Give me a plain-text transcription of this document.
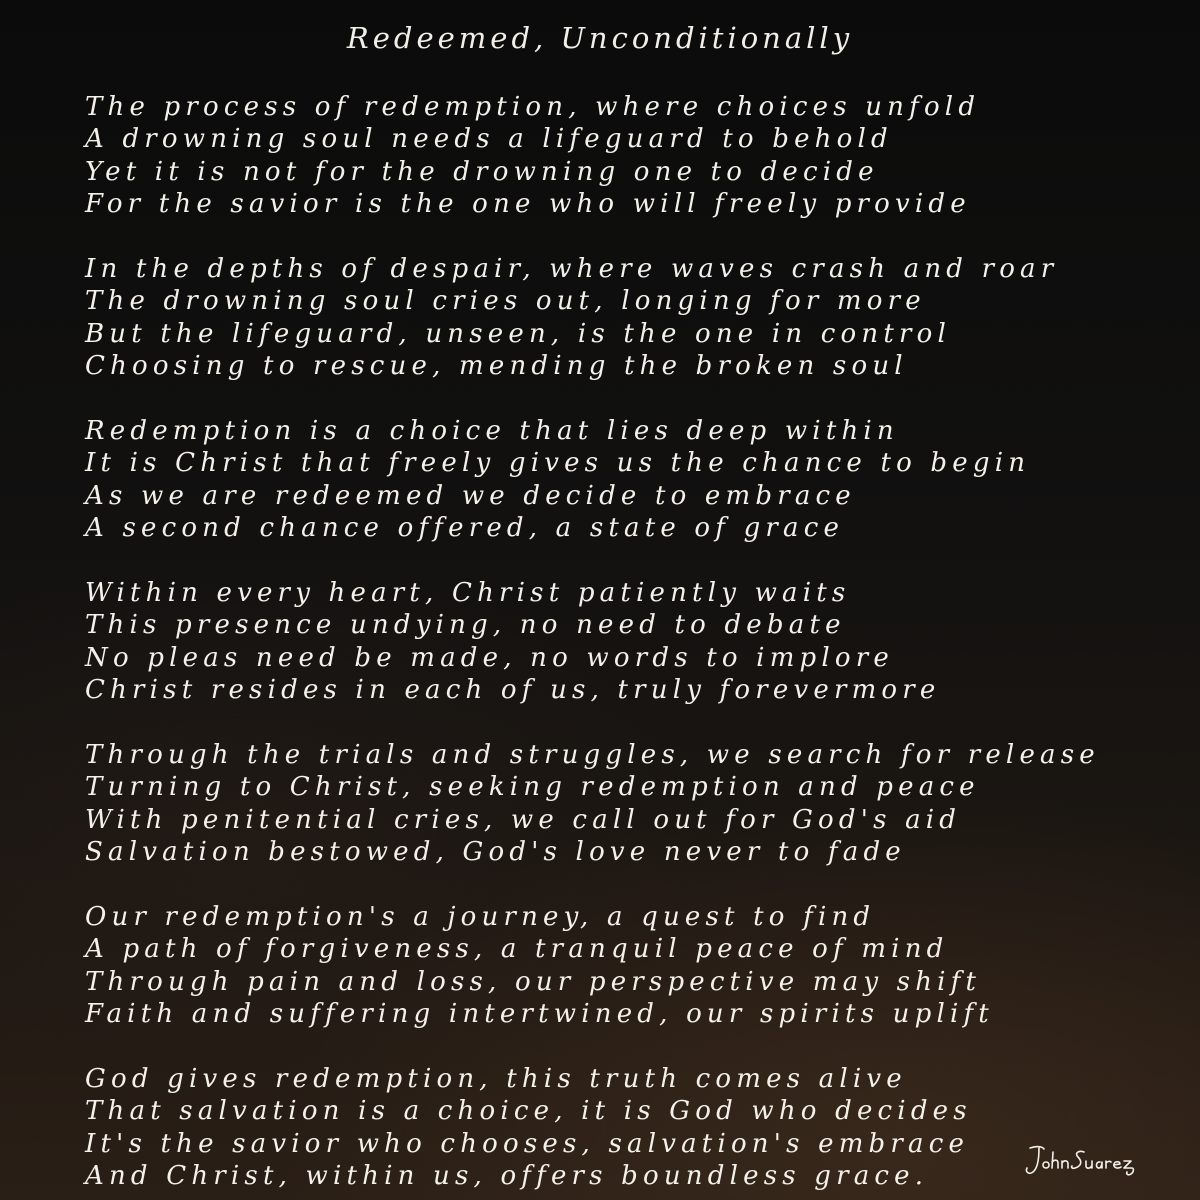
Redeemed, Unconditionally
The process of redemption, where choices unfold
A drowning soul needs a lifeguard to behold
Yet it is not for the drowning one to decide
For the savior is the one who will freely provide
In the depths of despair, where waves crash and roar
The drowning soul cries out, longing for more
But the lifeguard, unseen, is the one in control
Choosing to rescue, mending the broken soul
Redemption is a choice that lies deep within
It is Christ that freely gives us the chance to begin
As we are redeemed we decide to embrace
A second chance offered, a state of grace
Within every heart, Christ patiently waits
This presence undying, no need to debate
No pleas need be made, no words to implore
Christ resides in each of us, truly forevermore
Through the trials and struggles, we search for release
Turning to Christ, seeking redemption and peace
With penitential cries, we call out for God's aid
Salvation bestowed, God's love never to fade
Our redemption's a journey, a quest to find
A path of forgiveness, a tranquil peace of mind
Through pain and loss, our perspective may shift
Faith and suffering intertwined, our spirits uplift
God gives redemption, this truth comes alive
That salvation is a choice, it is God who decides
It's the savior who chooses, salvation's embrace
And Christ, within us, offers boundless grace.
